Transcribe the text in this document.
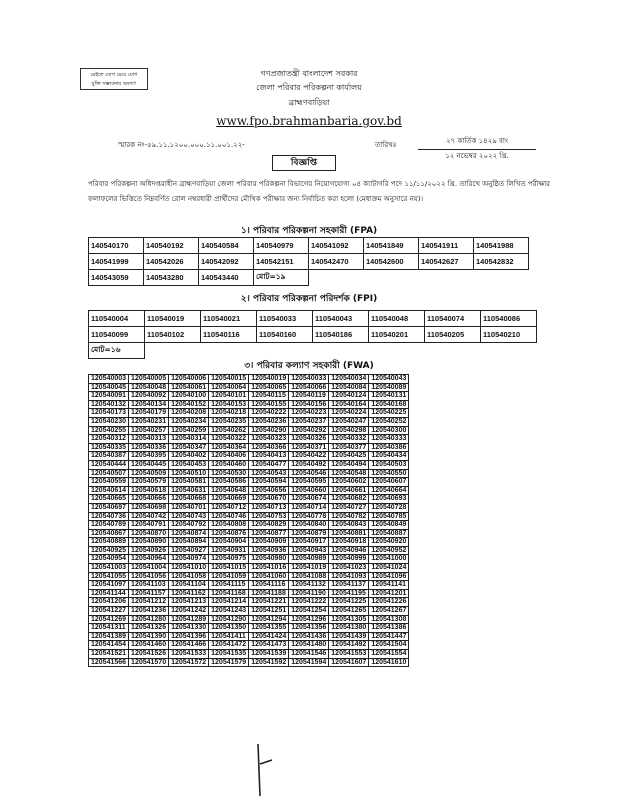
মেইলে যোগ মেয়ে যোগ
যুক্তি সম্ভাবনায় অংশাৎ
গণপ্রজাতন্ত্রী বাংলাদেশ সরকার
জেলা পরিবার পরিকল্পনা কার্যালয়
ব্রাহ্মণবাড়িয়া
www.fpo.brahmanbaria.gov.bd
স্মারক নং-৫৯.১১.১২০০.০০০.১১.০০১.২২-	তারিখঃ	২৭ কার্তিক ১৪২৯ বাং
১২ নভেম্বর ২০২২ খ্রি.
বিজ্ঞপ্তি
পরিবার পরিকল্পনা অধিদপ্তরাধীন ব্রাহ্মণবাড়িয়া জেলা পরিবার পরিকল্পনা বিভাগের নিয়োগযোগ্য ০৪ ক্যাটাগরি পদে ১১/১১/২০২২ খ্রি. তারিখে অনুষ্ঠিত লিখিত পরীক্ষার ফলাফলের ভিত্তিতে নিম্নবর্ণিত রোল নম্বরধারী প্রার্থীদের মৌখিক পরীক্ষার জন্য নির্বাচিত করা হলো (মেধাক্রম অনুসারে নয়)।
১। পরিবার পরিকল্পনা সহকারী (FPA)
140540170	140540192	140540584	140540979	140541092	140541849	140541911	140541988
140541999	140542026	140542092	140542151	140542470	140542600	140542627	140542832
140543059	140543280	140543440	মোট=১৯				
২। পরিবার পরিকল্পনা পরিদর্শক (FPI)
110540004	110540019	110540021	110540033	110540043	110540048	110540074	110540086
110540099	110540102	110540116	110540160	110540186	110540201	110540205	110540210
মোট=১৬							
৩। পরিবার কল্যাণ সহকারী (FWA)
120540003	120540005	120540006	120540015	120540019	120540033	120540034	120540043
120540045	120540048	120540061	120540064	120540065	120540066	120540084	120540089
120540091	120540092	120540100	120540101	120540115	120540119	120540124	120540131
120540132	120540134	120540152	120540153	120540155	120540156	120540164	120540168
120540173	120540179	120540208	120540218	120540222	120540223	120540224	120540225
120540230	120540231	120540234	120540235	120540236	120540237	120540247	120540252
120540255	120540257	120540259	120540262	120540290	120540292	120540298	120540300
120540312	120540313	120540314	120540322	120540323	120540326	120540332	120540333
120540335	120540336	120540347	120540364	120540366	120540371	120540377	120540386
120540387	120540395	120540402	120540406	120540413	120540422	120540425	120540434
120540444	120540445	120540453	120540460	120540477	120540492	120540494	120540503
120540507	120540509	120540510	120540530	120540543	120540546	120540548	120540550
120540559	120540579	120540581	120540586	120540594	120540595	120540602	120540607
120540614	120540618	120540631	120540648	120540656	120540660	120540661	120540664
120540665	120540666	120540668	120540669	120540670	120540674	120540682	120540693
120540697	120540698	120540701	120540712	120540713	120540714	120540727	120540728
120540736	120540742	120540743	120540746	120540753	120540778	120540782	120540785
120540789	120540791	120540792	120540808	120540829	120540840	120540843	120540849
120540867	120540870	120540874	120540876	120540877	120540879	120540881	120540887
120540889	120540890	120540894	120540904	120540909	120540917	120540918	120540920
120540925	120540926	120540927	120540931	120540936	120540943	120540946	120540952
120540954	120540964	120540974	120540975	120540980	120540989	120540999	120541000
120541003	120541004	120541010	120541015	120541016	120541019	120541023	120541024
120541055	120541056	120541058	120541059	120541060	120541088	120541093	120541096
120541097	120541103	120541104	120541115	120541116	120541132	120541137	120541141
120541144	120541157	120541162	120541168	120541188	120541190	120541195	120541201
120541206	120541212	120541213	120541214	120541221	120541222	120541225	120541226
120541227	120541236	120541242	120541243	120541251	120541254	120541265	120541267
120541269	120541280	120541289	120541290	120541294	120541296	120541305	120541308
120541311	120541326	120541330	120541350	120541355	120541356	120541380	120541386
120541389	120541390	120541396	120541411	120541424	120541436	120541439	120541447
120541454	120541460	120541466	120541472	120541473	120541480	120541492	120541504
120541521	120541526	120541533	120541535	120541539	120541546	120541553	120541554
120541566	120541570	120541572	120541579	120541592	120541594	120541607	120541610
